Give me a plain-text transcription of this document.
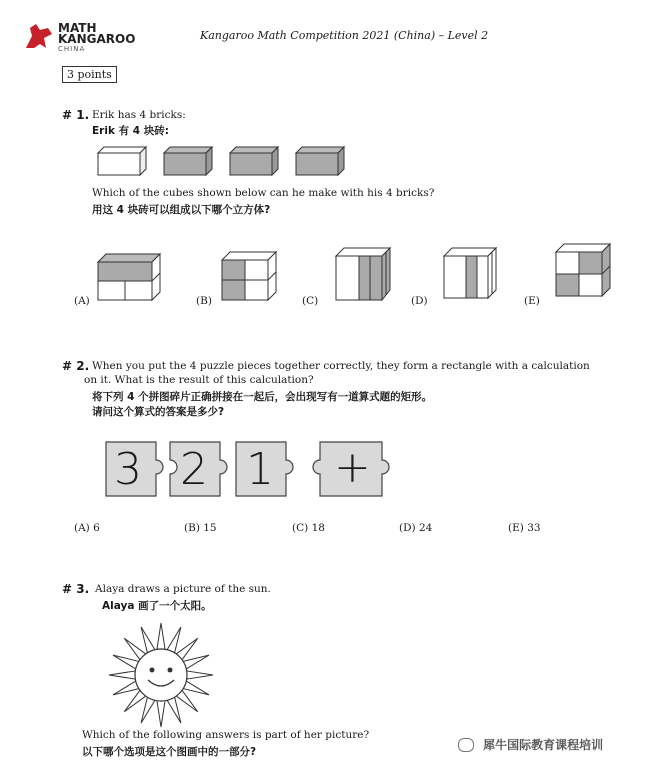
MATH
KANGAROO
CHINA
Kangaroo Math Competition 2021 (China) – Level 2
3 points
# 1. Erik has 4 bricks:
Erik 有 4 块砖:
Which of the cubes shown below can he make with his 4 bricks?
用这 4 块砖可以组成以下哪个立方体?
(A)	(B)	(C)	(D)	(E)
# 2. When you put the 4 puzzle pieces together correctly, they form a rectangle with a calculation
on it. What is the result of this calculation?
将下列 4 个拼图碎片正确拼接在一起后，会出现写有一道算式题的矩形。
请问这个算式的答案是多少?
3 2 1 +
(A) 6	(B) 15	(C) 18	(D) 24	(E) 33
# 3. Alaya draws a picture of the sun.
Alaya 画了一个太阳。
Which of the following answers is part of her picture?
以下哪个选项是这个图画中的一部分?	犀牛国际教育课程培训
